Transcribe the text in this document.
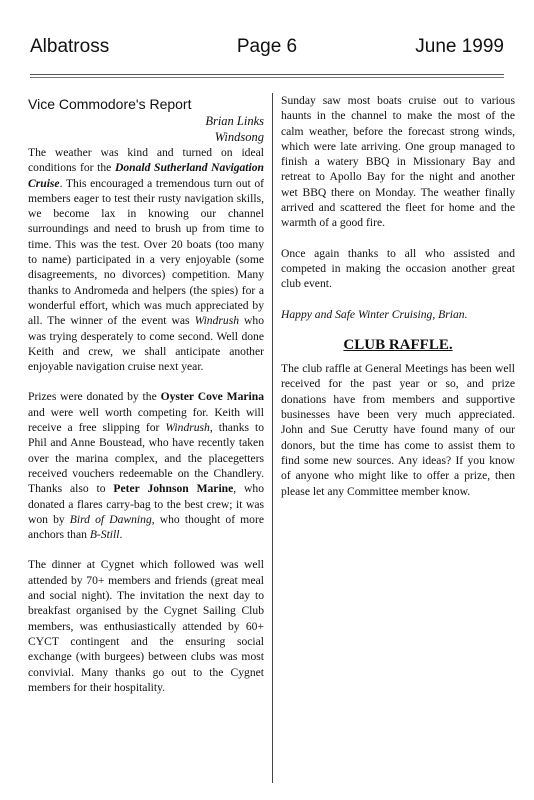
Albatross	Page 6	June 1999
Vice Commodore's Report
Brian Links
Windsong

The weather was kind and turned on ideal conditions for the Donald Sutherland Navigation Cruise. This encouraged a tremendous turn out of members eager to test their rusty navigation skills, we become lax in knowing our channel surroundings and need to brush up from time to time. This was the test. Over 20 boats (too many to name) participated in a very enjoyable (some disagreements, no divorces) competition. Many thanks to Andromeda and helpers (the spies) for a wonderful effort, which was much appreciated by all. The winner of the event was Windrush who was trying desperately to come second. Well done Keith and crew, we shall anticipate another enjoyable navigation cruise next year.

Prizes were donated by the Oyster Cove Marina and were well worth competing for. Keith will receive a free slipping for Windrush, thanks to Phil and Anne Boustead, who have recently taken over the marina complex, and the placegetters received vouchers redeemable on the Chandlery. Thanks also to Peter Johnson Marine, who donated a flares carry-bag to the best crew; it was won by Bird of Dawning, who thought of more anchors than B-Still.

The dinner at Cygnet which followed was well attended by 70+ members and friends (great meal and social night). The invitation the next day to breakfast organised by the Cygnet Sailing Club members, was enthusiastically attended by 60+ CYCT contingent and the ensuring social exchange (with burgees) between clubs was most convivial. Many thanks go out to the Cygnet members for their hospitality.

Sunday saw most boats cruise out to various haunts in the channel to make the most of the calm weather, before the forecast strong winds, which were late arriving. One group managed to finish a watery BBQ in Missionary Bay and retreat to Apollo Bay for the night and another wet BBQ there on Monday. The weather finally arrived and scattered the fleet for home and the warmth of a good fire.

Once again thanks to all who assisted and competed in making the occasion another great club event.

Happy and Safe Winter Cruising, Brian.

CLUB RAFFLE.

The club raffle at General Meetings has been well received for the past year or so, and prize donations have from members and supportive businesses have been very much appreciated. John and Sue Cerutty have found many of our donors, but the time has come to assist them to find some new sources. Any ideas? If you know of anyone who might like to offer a prize, then please let any Committee member know.
